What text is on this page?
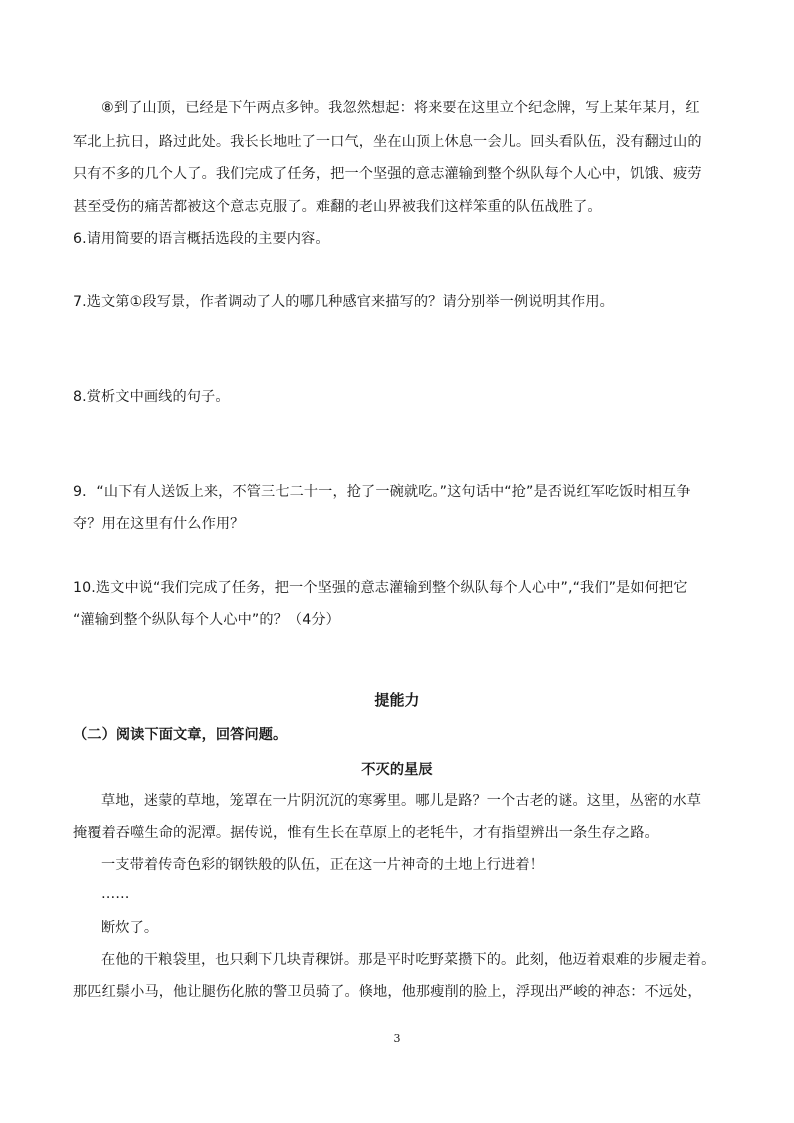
⑧到了山顶，已经是下午两点多钟。我忽然想起：将来要在这里立个纪念牌，写上某年某月，红

军北上抗日，路过此处。我长长地吐了一口气，坐在山顶上休息一会儿。回头看队伍，没有翻过山的

只有不多的几个人了。我们完成了任务，把一个坚强的意志灌输到整个纵队每个人心中，饥饿、疲劳

甚至受伤的痛苦都被这个意志克服了。难翻的老山界被我们这样笨重的队伍战胜了。

6.请用简要的语言概括选段的主要内容。

7.选文第①段写景，作者调动了人的哪几种感官来描写的？请分别举一例说明其作用。

8.赏析文中画线的句子。

9．“山下有人送饭上来，不管三七二十一，抢了一碗就吃。”这句话中“抢”是否说红军吃饭时相互争

夺？用在这里有什么作用？

10.选文中说“我们完成了任务，把一个坚强的意志灌输到整个纵队每个人心中”,“我们”是如何把它

“灌输到整个纵队每个人心中”的？（4分）

提能力

（二）阅读下面文章，回答问题。

不灭的星辰

草地，迷蒙的草地，笼罩在一片阴沉沉的寒雾里。哪儿是路？一个古老的谜。这里，丛密的水草

掩覆着吞噬生命的泥潭。据传说，惟有生长在草原上的老牦牛，才有指望辨出一条生存之路。

一支带着传奇色彩的钢铁般的队伍，正在这一片神奇的土地上行进着！

……

断炊了。

在他的干粮袋里，也只剩下几块青稞饼。那是平时吃野菜攒下的。此刻，他迈着艰难的步履走着。

那匹红鬃小马，他让腿伤化脓的警卫员骑了。倏地，他那瘦削的脸上，浮现出严峻的神态：不远处，

3
